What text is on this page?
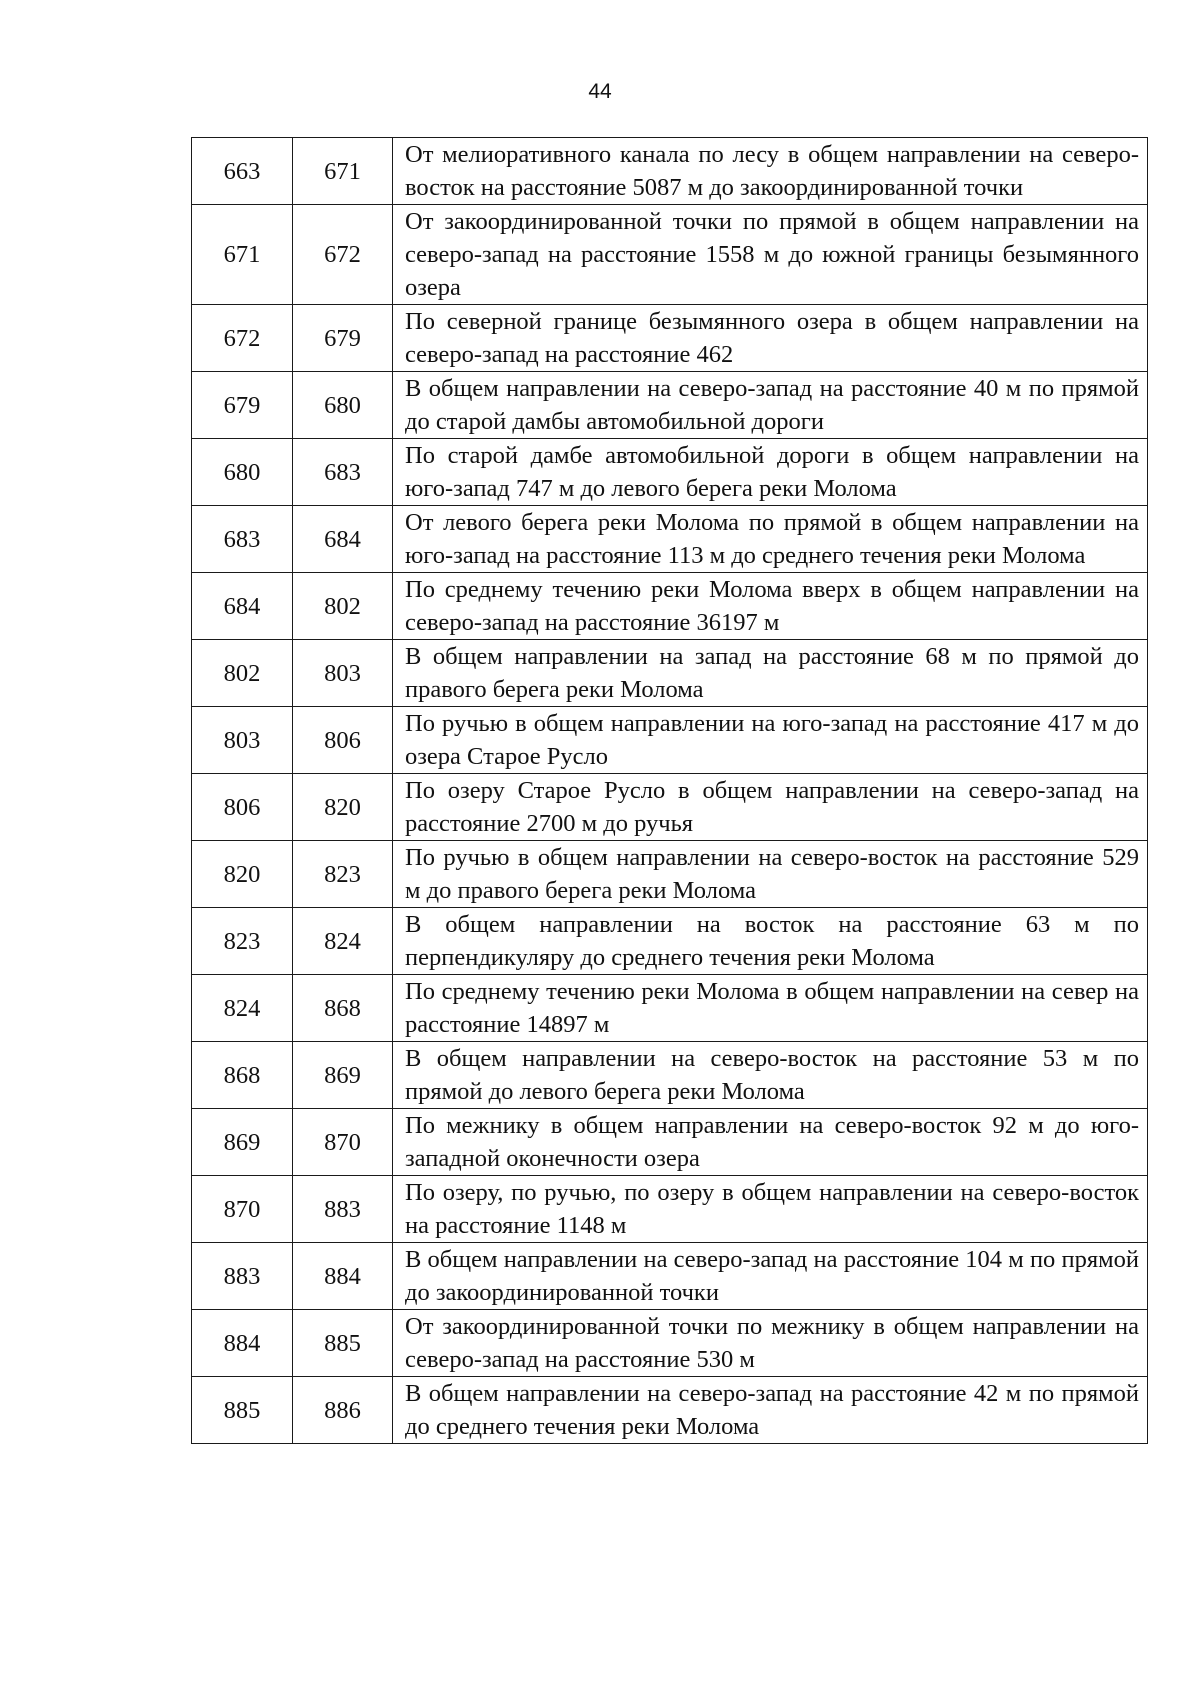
44
663	671	От мелиоративного канала по лесу в общем направлении на северо-восток на расстояние 5087 м до закоординированной точки
671	672	От закоординированной точки по прямой в общем направлении на северо-запад на расстояние 1558 м до южной границы безымянного озера
672	679	По северной границе безымянного озера в общем направлении на северо-запад на расстояние 462
679	680	В общем направлении на северо-запад на расстояние 40 м по прямой до старой дамбы автомобильной дороги
680	683	По старой дамбе автомобильной дороги в общем направлении на юго-запад 747 м до левого берега реки Молома
683	684	От левого берега реки Молома по прямой в общем направлении на юго-запад на расстояние 113 м до среднего течения реки Молома
684	802	По среднему течению реки Молома вверх в общем направлении на северо-запад на расстояние 36197 м
802	803	В общем направлении на запад на расстояние 68 м по прямой до правого берега реки Молома
803	806	По ручью в общем направлении на юго-запад на расстояние 417 м до озера Старое Русло
806	820	По озеру Старое Русло в общем направлении на северо-запад на расстояние 2700 м до ручья
820	823	По ручью в общем направлении на северо-восток на расстояние 529 м до правого берега реки Молома
823	824	В общем направлении на восток на расстояние 63 м по перпендикуляру до среднего течения реки Молома
824	868	По среднему течению реки Молома в общем направлении на север на расстояние 14897 м
868	869	В общем направлении на северо-восток на расстояние 53 м по прямой до левого берега реки Молома
869	870	По межнику в общем направлении на северо-восток 92 м до юго-западной оконечности озера
870	883	По озеру, по ручью, по озеру в общем направлении на северо-восток на расстояние 1148 м
883	884	В общем направлении на северо-запад на расстояние 104 м по прямой до закоординированной точки
884	885	От закоординированной точки по межнику в общем направлении на северо-запад на расстояние 530 м
885	886	В общем направлении на северо-запад на расстояние 42 м по прямой до среднего течения реки Молома
